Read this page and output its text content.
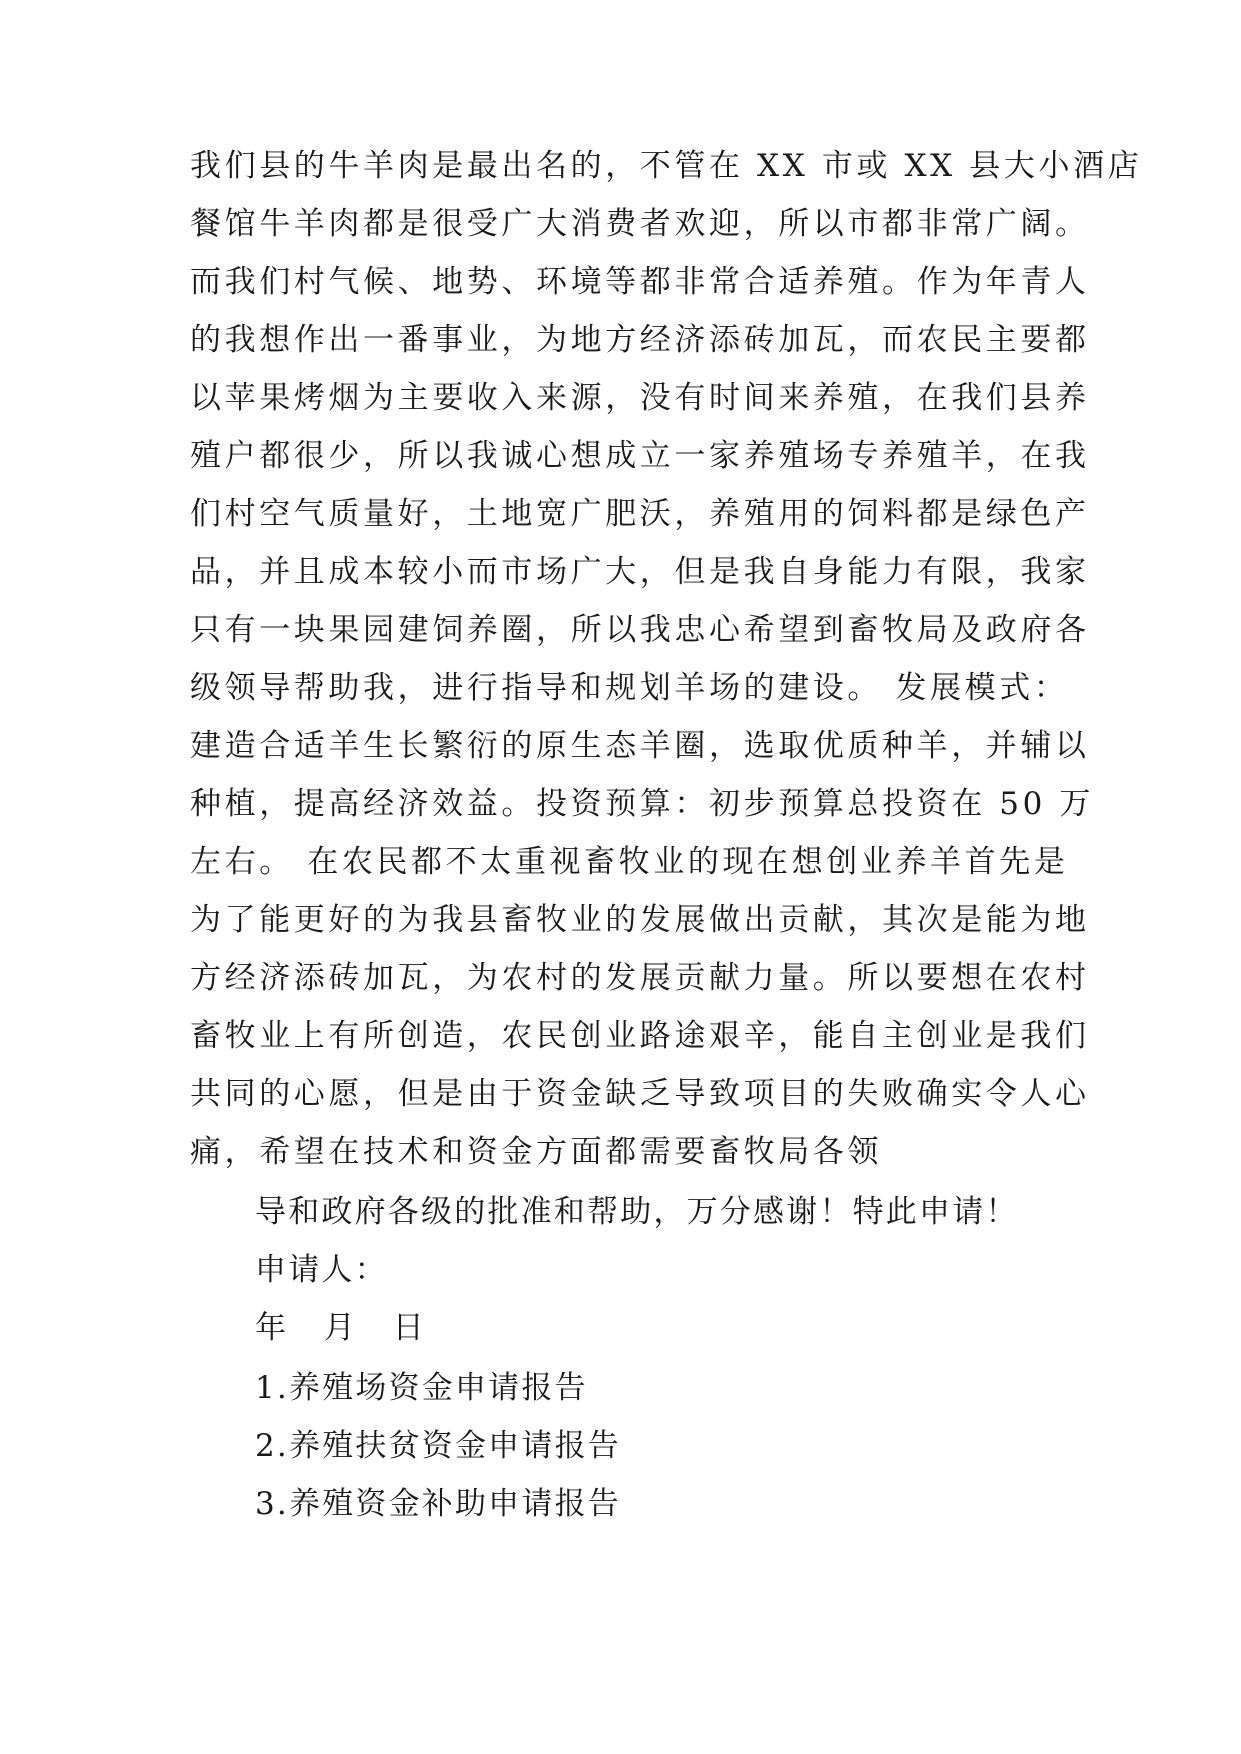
我们县的牛羊肉是最出名的，不管在 XX 市或 XX 县大小酒店
餐馆牛羊肉都是很受广大消费者欢迎，所以市都非常广阔。
而我们村气候、地势、环境等都非常合适养殖。作为年青人
的我想作出一番事业，为地方经济添砖加瓦，而农民主要都
以苹果烤烟为主要收入来源，没有时间来养殖，在我们县养
殖户都很少，所以我诚心想成立一家养殖场专养殖羊，在我
们村空气质量好，土地宽广肥沃，养殖用的饲料都是绿色产
品，并且成本较小而市场广大，但是我自身能力有限，我家
只有一块果园建饲养圈，所以我忠心希望到畜牧局及政府各
级领导帮助我，进行指导和规划羊场的建设。 发展模式：
建造合适羊生长繁衍的原生态羊圈，选取优质种羊，并辅以
种植，提高经济效益。投资预算：初步预算总投资在 50 万
左右。 在农民都不太重视畜牧业的现在想创业养羊首先是
为了能更好的为我县畜牧业的发展做出贡献，其次是能为地
方经济添砖加瓦，为农村的发展贡献力量。所以要想在农村
畜牧业上有所创造，农民创业路途艰辛，能自主创业是我们
共同的心愿，但是由于资金缺乏导致项目的失败确实令人心
痛，希望在技术和资金方面都需要畜牧局各领
导和政府各级的批准和帮助，万分感谢！特此申请！
申请人：
年 月 日
1.养殖场资金申请报告
2.养殖扶贫资金申请报告
3.养殖资金补助申请报告
